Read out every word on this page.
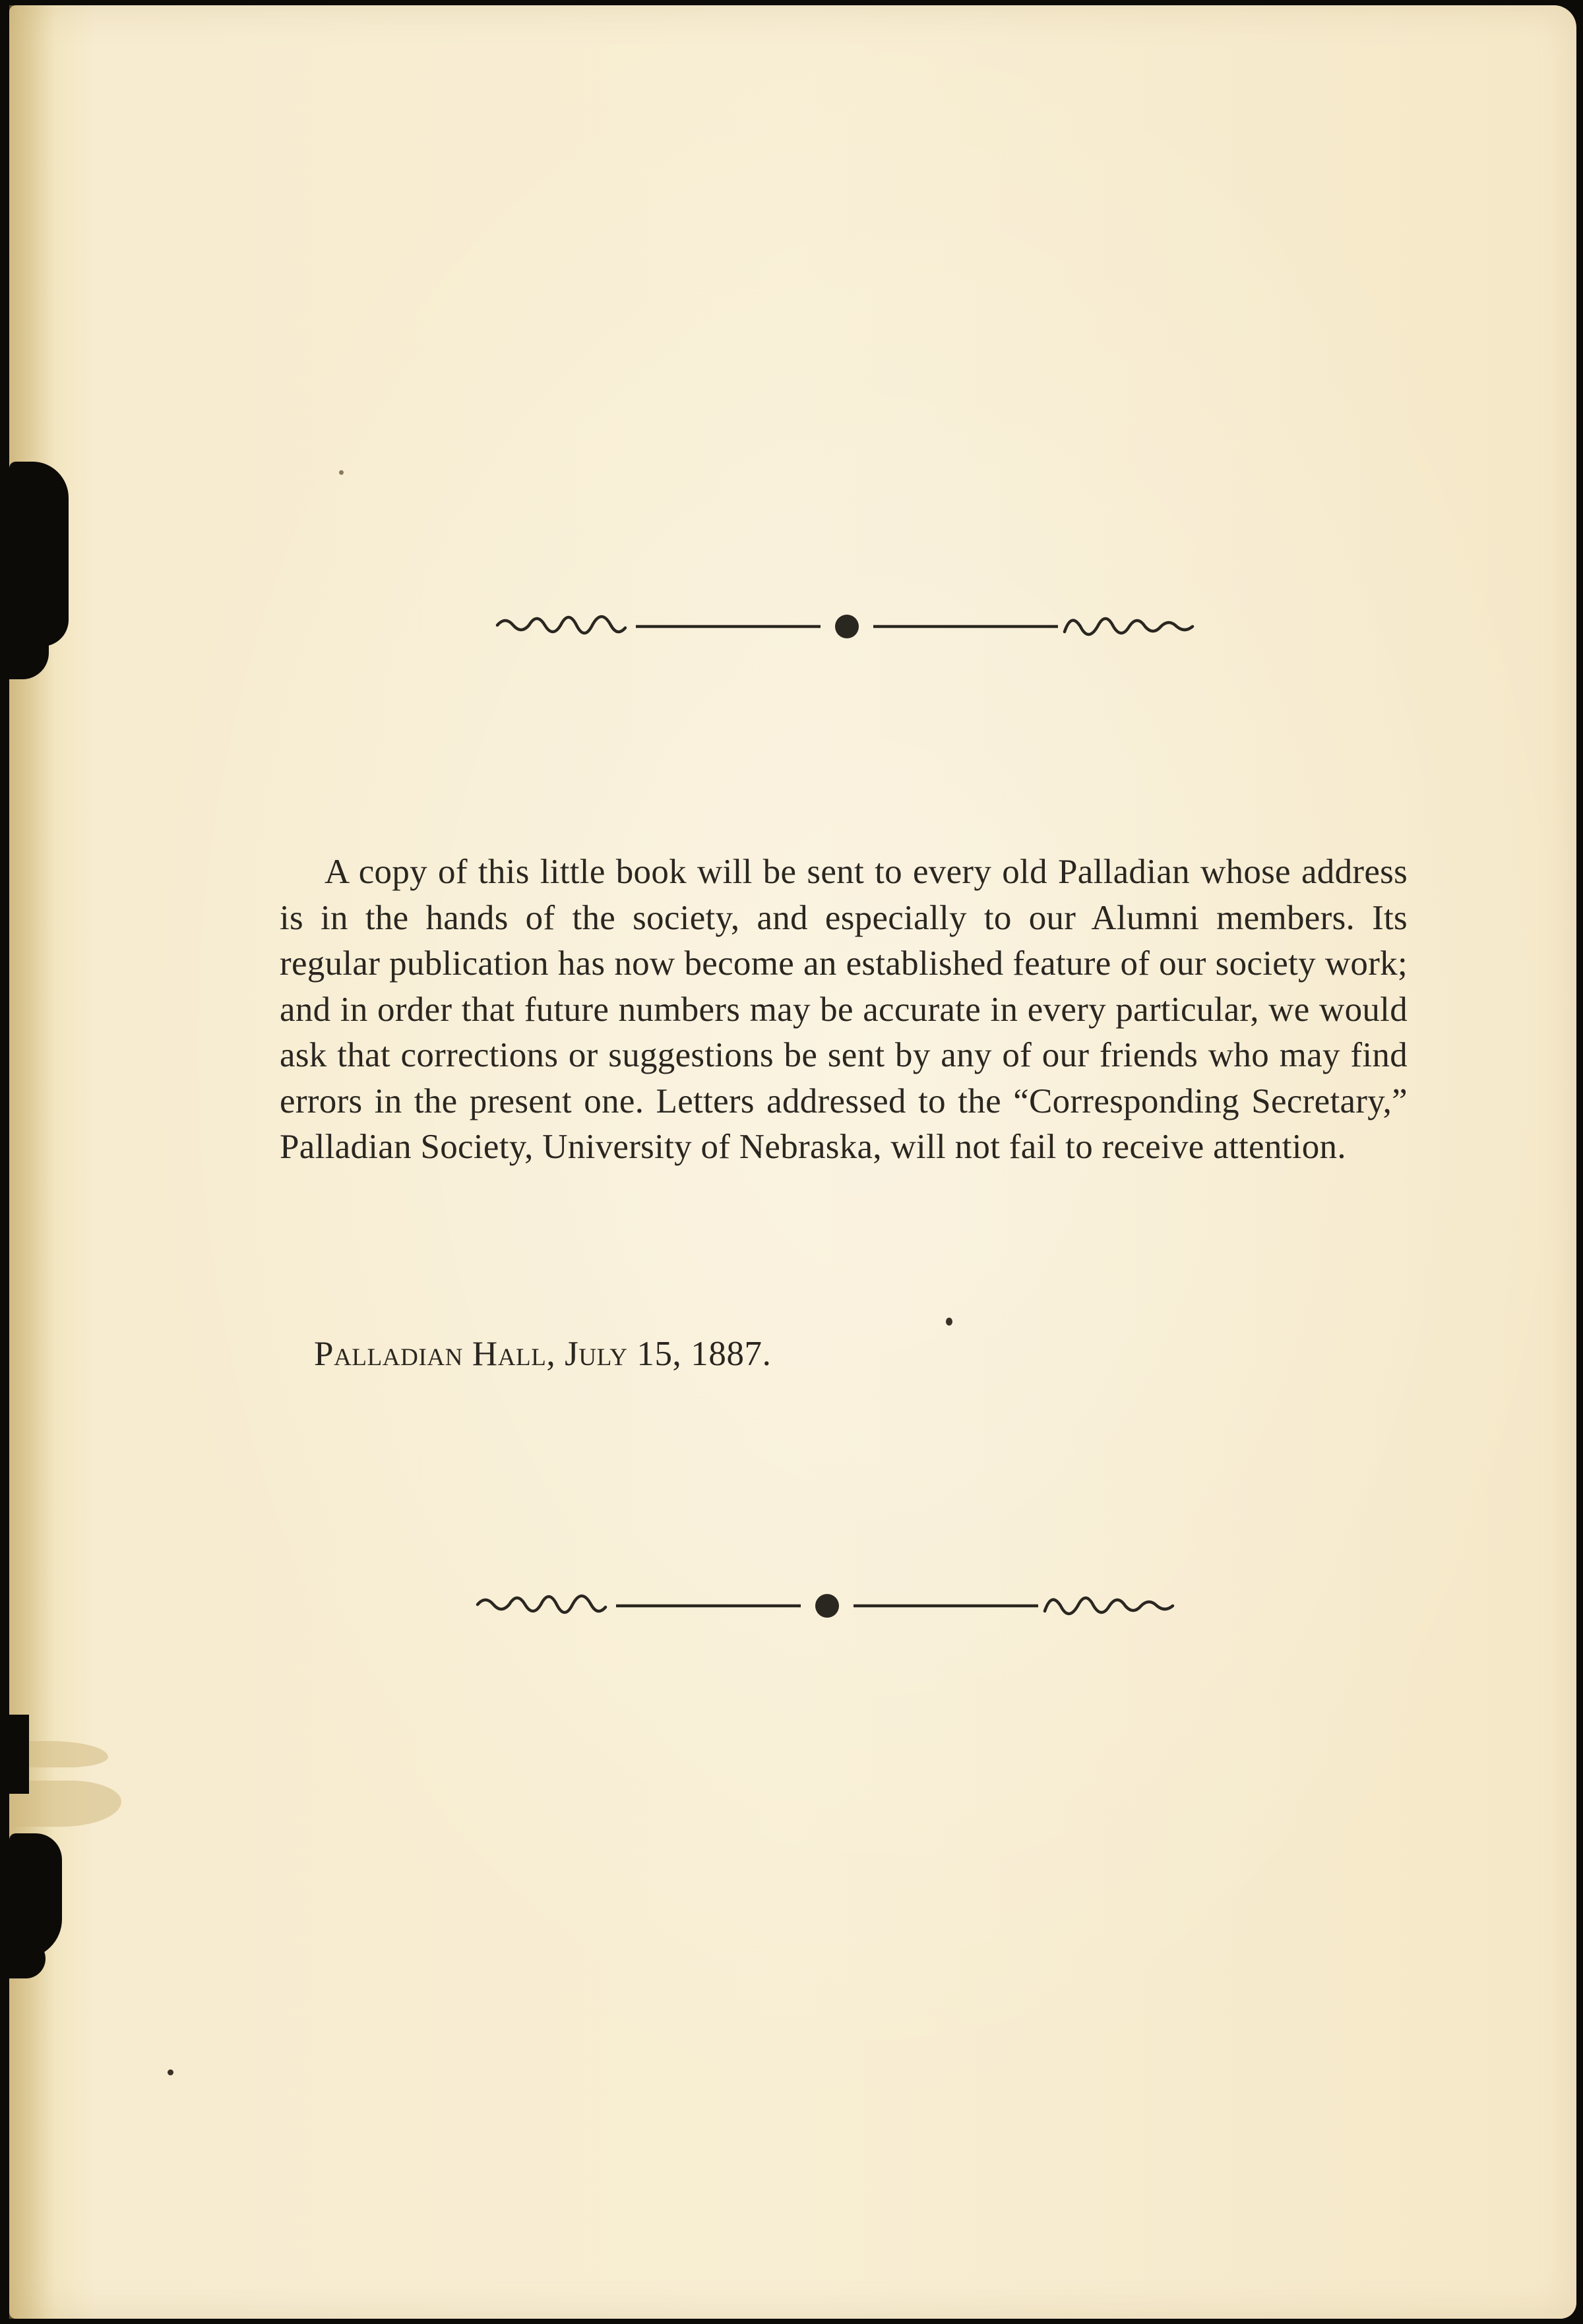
A copy of this little book will be sent to every old Palladian whose address is in the hands of the society, and especially to our Alumni members. Its regular publication has now become an established feature of our society work; and in order that future numbers may be accurate in every particular, we would ask that corrections or suggestions be sent by any of our friends who may find errors in the present one. Letters addressed to the “Corresponding Secretary,” Palladian Society, University of Nebraska, will not fail to receive attention.

Palladian Hall, July 15, 1887.
